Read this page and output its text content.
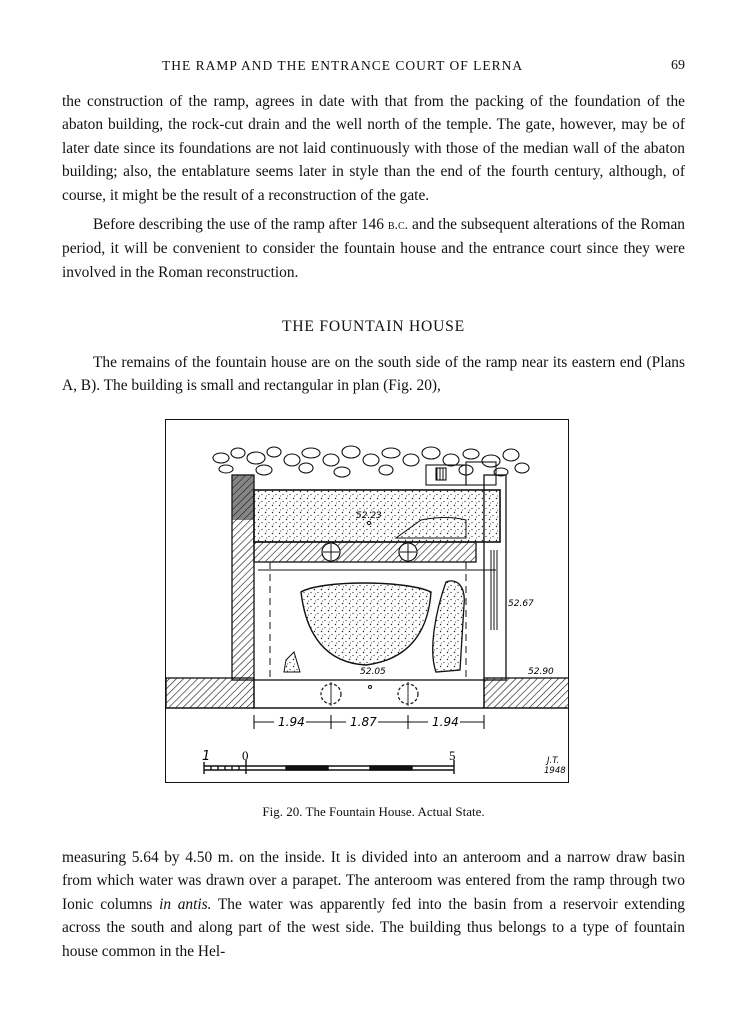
THE RAMP AND THE ENTRANCE COURT OF LERNA	69

the construction of the ramp, agrees in date with that from the packing of the foundation of the abaton building, the rock-cut drain and the well north of the temple. The gate, however, may be of later date since its foundations are not laid continuously with those of the median wall of the abaton building; also, the entablature seems later in style than the end of the fourth century, although, of course, it might be the result of a reconstruction of the gate.

Before describing the use of the ramp after 146 b.c. and the subsequent alterations of the Roman period, it will be convenient to consider the fountain house and the entrance court since they were involved in the Roman reconstruction.

THE FOUNTAIN HOUSE

The remains of the fountain house are on the south side of the ramp near its eastern end (Plans A, B). The building is small and rectangular in plan (Fig. 20),

52.23
52.67
52.05	52.90
1.94	1.87	1.94
1 0	5	J.T.
1948
Fig. 20. The Fountain House. Actual State.

measuring 5.64 by 4.50 m. on the inside. It is divided into an anteroom and a narrow draw basin from which water was drawn over a parapet. The anteroom was entered from the ramp through two Ionic columns in antis. The water was apparently fed into the basin from a reservoir extending across the south and along part of the west side. The building thus belongs to a type of fountain house common in the Hel-
